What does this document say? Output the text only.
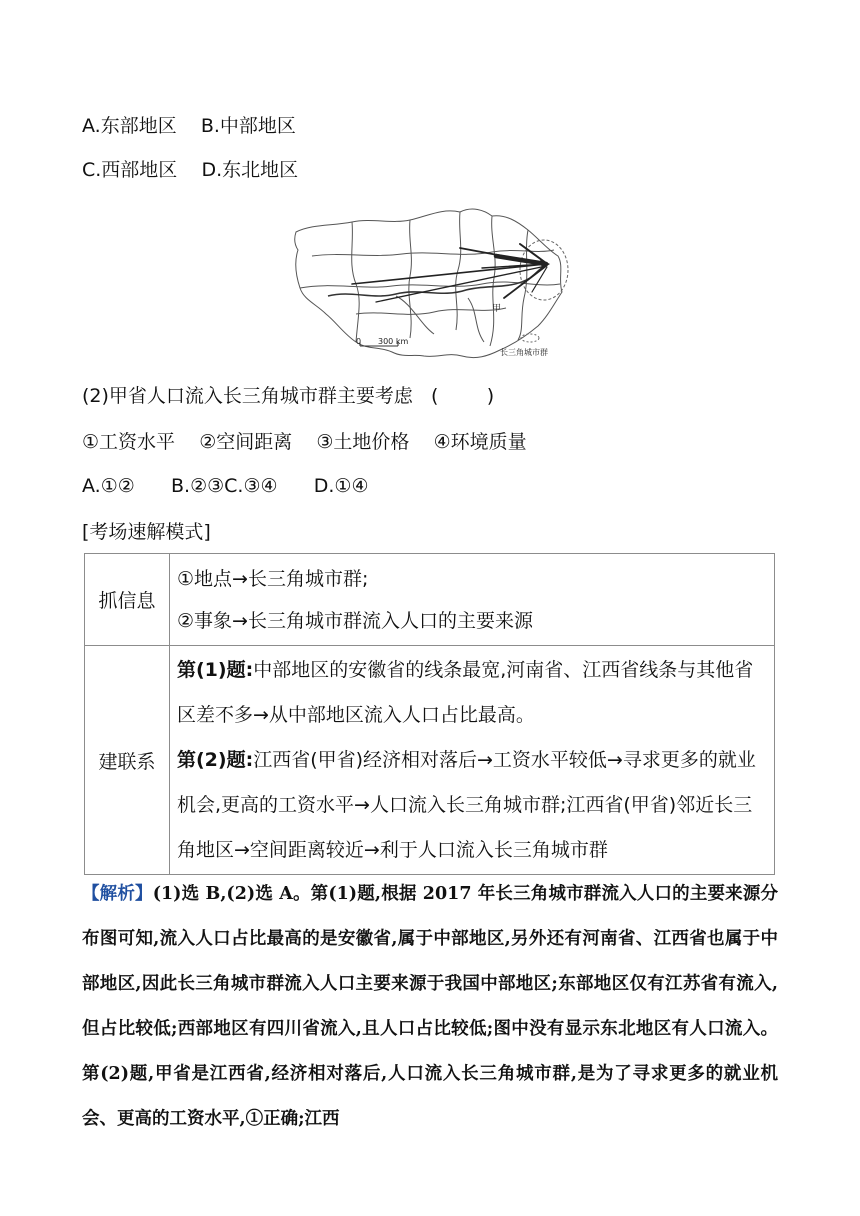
A.东部地区    B.中部地区
C.西部地区    D.东北地区
0 300 km
甲
长三角城市群
(2)甲省人口流入长三角城市群主要考虑   (        )
①工资水平    ②空间距离    ③土地价格    ④环境质量
A.①②      B.②③C.③④      D.①④
[考场速解模式]
抓信息	①地点→长三角城市群;
②事象→长三角城市群流入人口的主要来源

建联系	第(1)题:中部地区的安徽省的线条最宽,河南省、江西省线条与其他省区差不多→从中部地区流入人口占比最高。
第(2)题:江西省(甲省)经济相对落后→工资水平较低→寻求更多的就业机会,更高的工资水平→人口流入长三角城市群;江西省(甲省)邻近长三角地区→空间距离较近→利于人口流入长三角城市群
【解析】(1)选 B,(2)选 A。第(1)题,根据 2017 年长三角城市群流入人口的主要来源分布图可知,流入人口占比最高的是安徽省,属于中部地区,另外还有河南省、江西省也属于中部地区,因此长三角城市群流入人口主要来源于我国中部地区;东部地区仅有江苏省有流入,但占比较低;西部地区有四川省流入,且人口占比较低;图中没有显示东北地区有人口流入。第(2)题,甲省是江西省,经济相对落后,人口流入长三角城市群,是为了寻求更多的就业机会、更高的工资水平,①正确;江西
